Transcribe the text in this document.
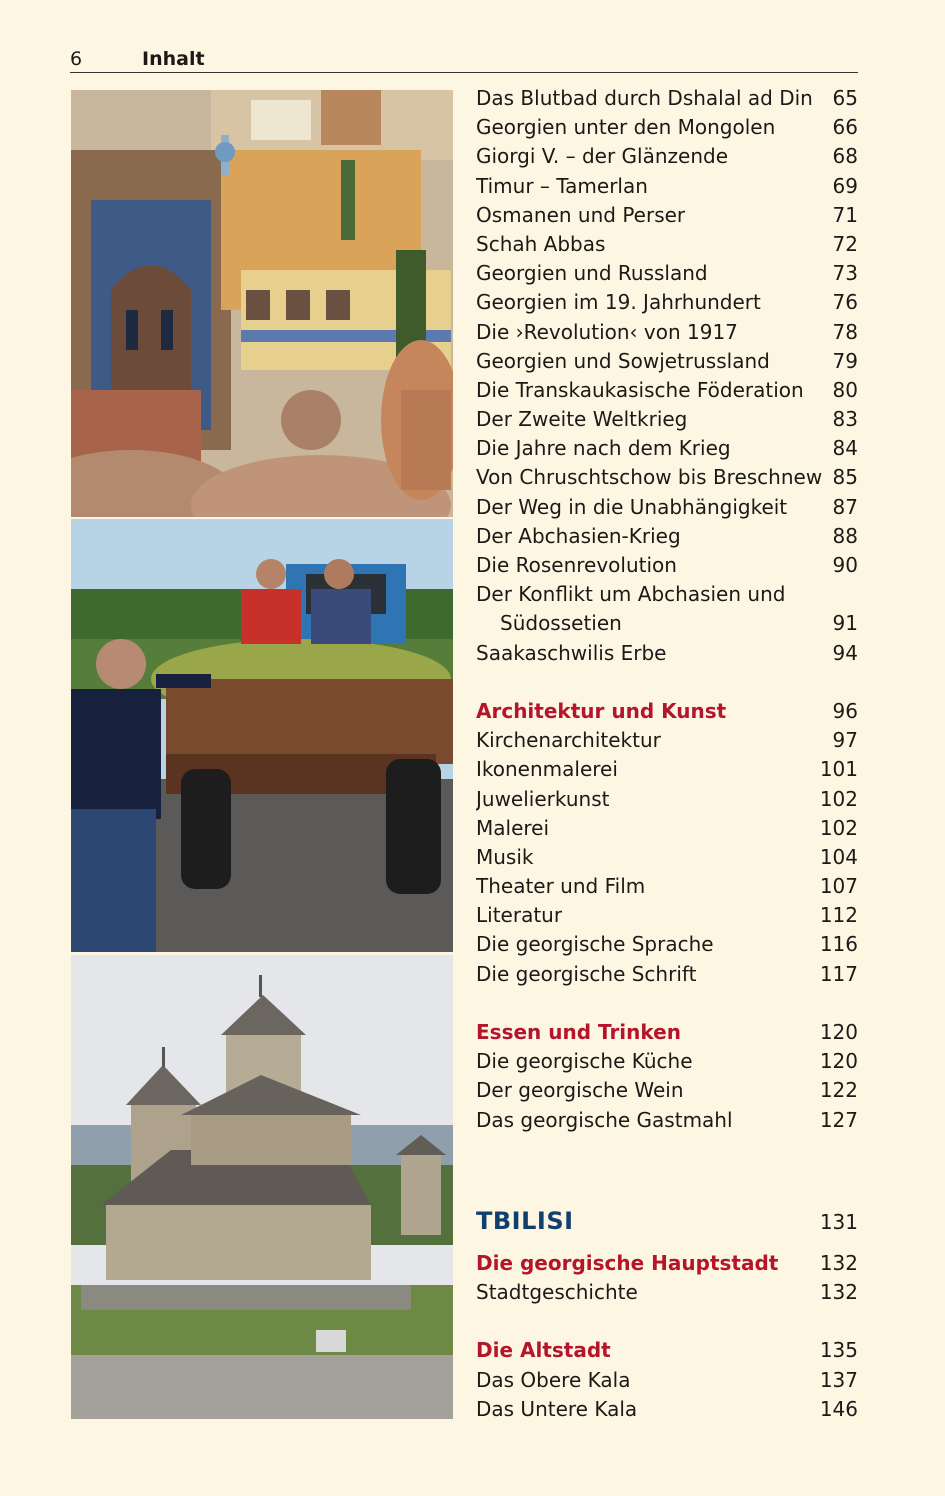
6	Inhalt
Das Blutbad durch Dshalal ad Din 65
Georgien unter den Mongolen	66
Giorgi V. – der Glänzende	68
Timur – Tamerlan	69
Osmanen und Perser	71
Schah Abbas	72
Georgien und Russland	73
Georgien im 19. Jahrhundert	76
Die ›Revolution‹ von 1917	78
Georgien und Sowjetrussland	79
Die Transkaukasische Föderation 80
Der Zweite Weltkrieg	83
Die Jahre nach dem Krieg	84
Von Chruschtschow bis Breschnew 85
Der Weg in die Unabhängigkeit 87
Der Abchasien-Krieg	88
Die Rosenrevolution	90
Der Konflikt um Abchasien und
Südossetien	91
Saakaschwilis Erbe	94
Architektur und Kunst	96
Kirchenarchitektur	97
Ikonenmalerei	101
Juwelierkunst	102
Malerei	102
Musik	104
Theater und Film	107
Literatur	112
Die georgische Sprache	116
Die georgische Schrift	117
Essen und Trinken	120
Die georgische Küche	120
Der georgische Wein	122
Das georgische Gastmahl	127
TBILISI	131
Die georgische Hauptstadt 132
Stadtgeschichte	132
Die Altstadt	135
Das Obere Kala	137
Das Untere Kala	146
